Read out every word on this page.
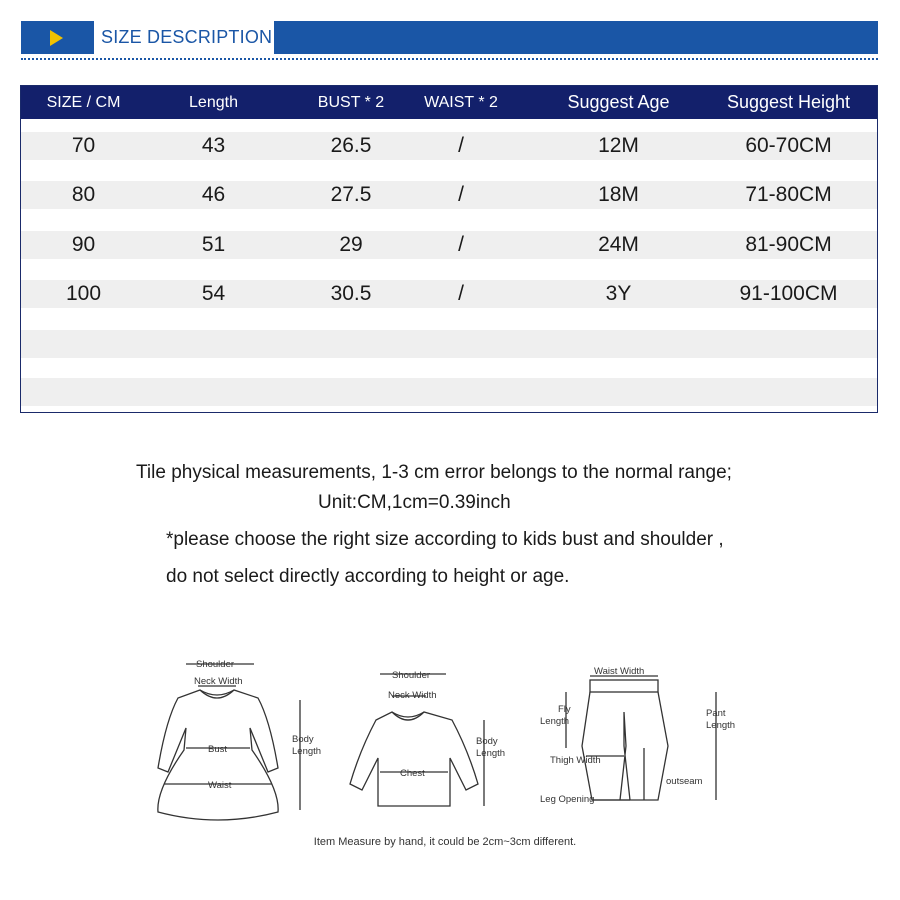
SIZE DESCRIPTION
SIZE / CM	Length	BUST * 2	WAIST * 2	Suggest Age	Suggest Height
70	43	26.5	/	12M	60-70CM
80	46	27.5	/	18M	71-80CM
90	51	29	/	24M	81-90CM
100	54	30.5	/	3Y	91-100CM
Tile physical measurements, 1-3 cm error belongs to the normal range;
Unit:CM,1cm=0.39inch
*please choose the right size according to kids bust and shoulder ,
do not select directly according to height or age.
Shoulder
Neck Width
Bust
Waist
Body
Length
Shoulder
Neck Width
Chest
Body
Length
Waist Width
Fly
Length
Thigh Width
Leg Opening
outseam
Pant
Length
Item Measure by hand, it could be 2cm~3cm different.
